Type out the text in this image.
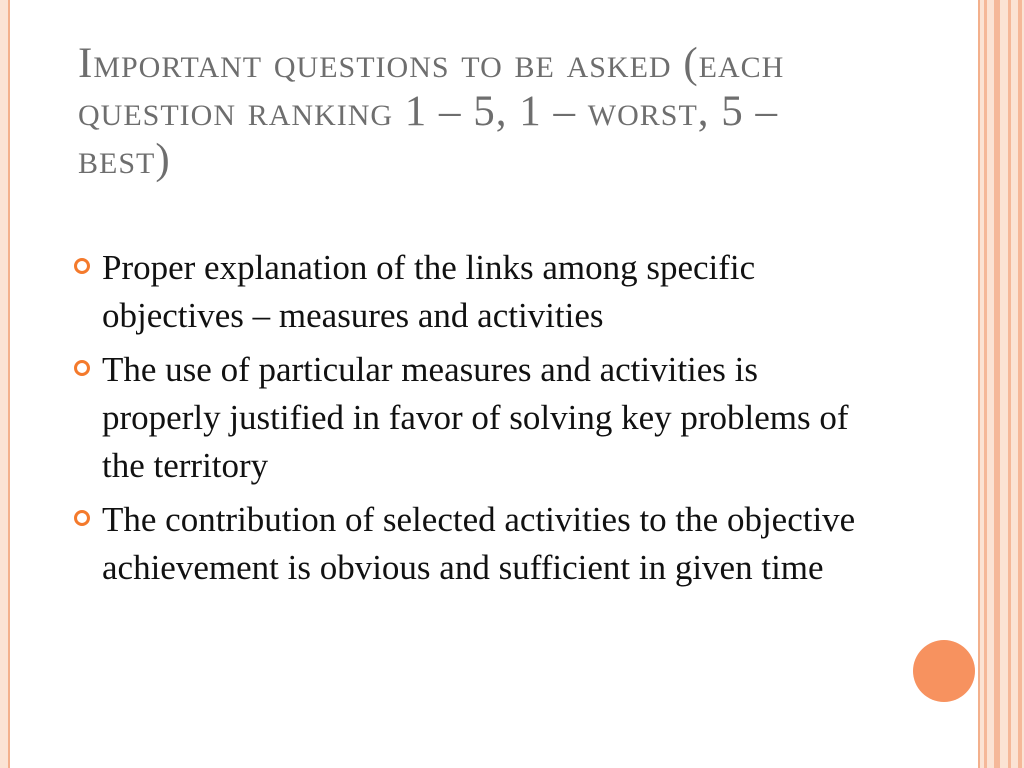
Important questions to be asked (each question ranking 1 – 5, 1 – worst, 5 – best)
Proper explanation of the links among specific objectives – measures and activities
The use of particular measures and activities is properly justified in favor of solving key problems of the territory
The contribution of selected activities to the objective achievement is obvious and sufficient in given time
